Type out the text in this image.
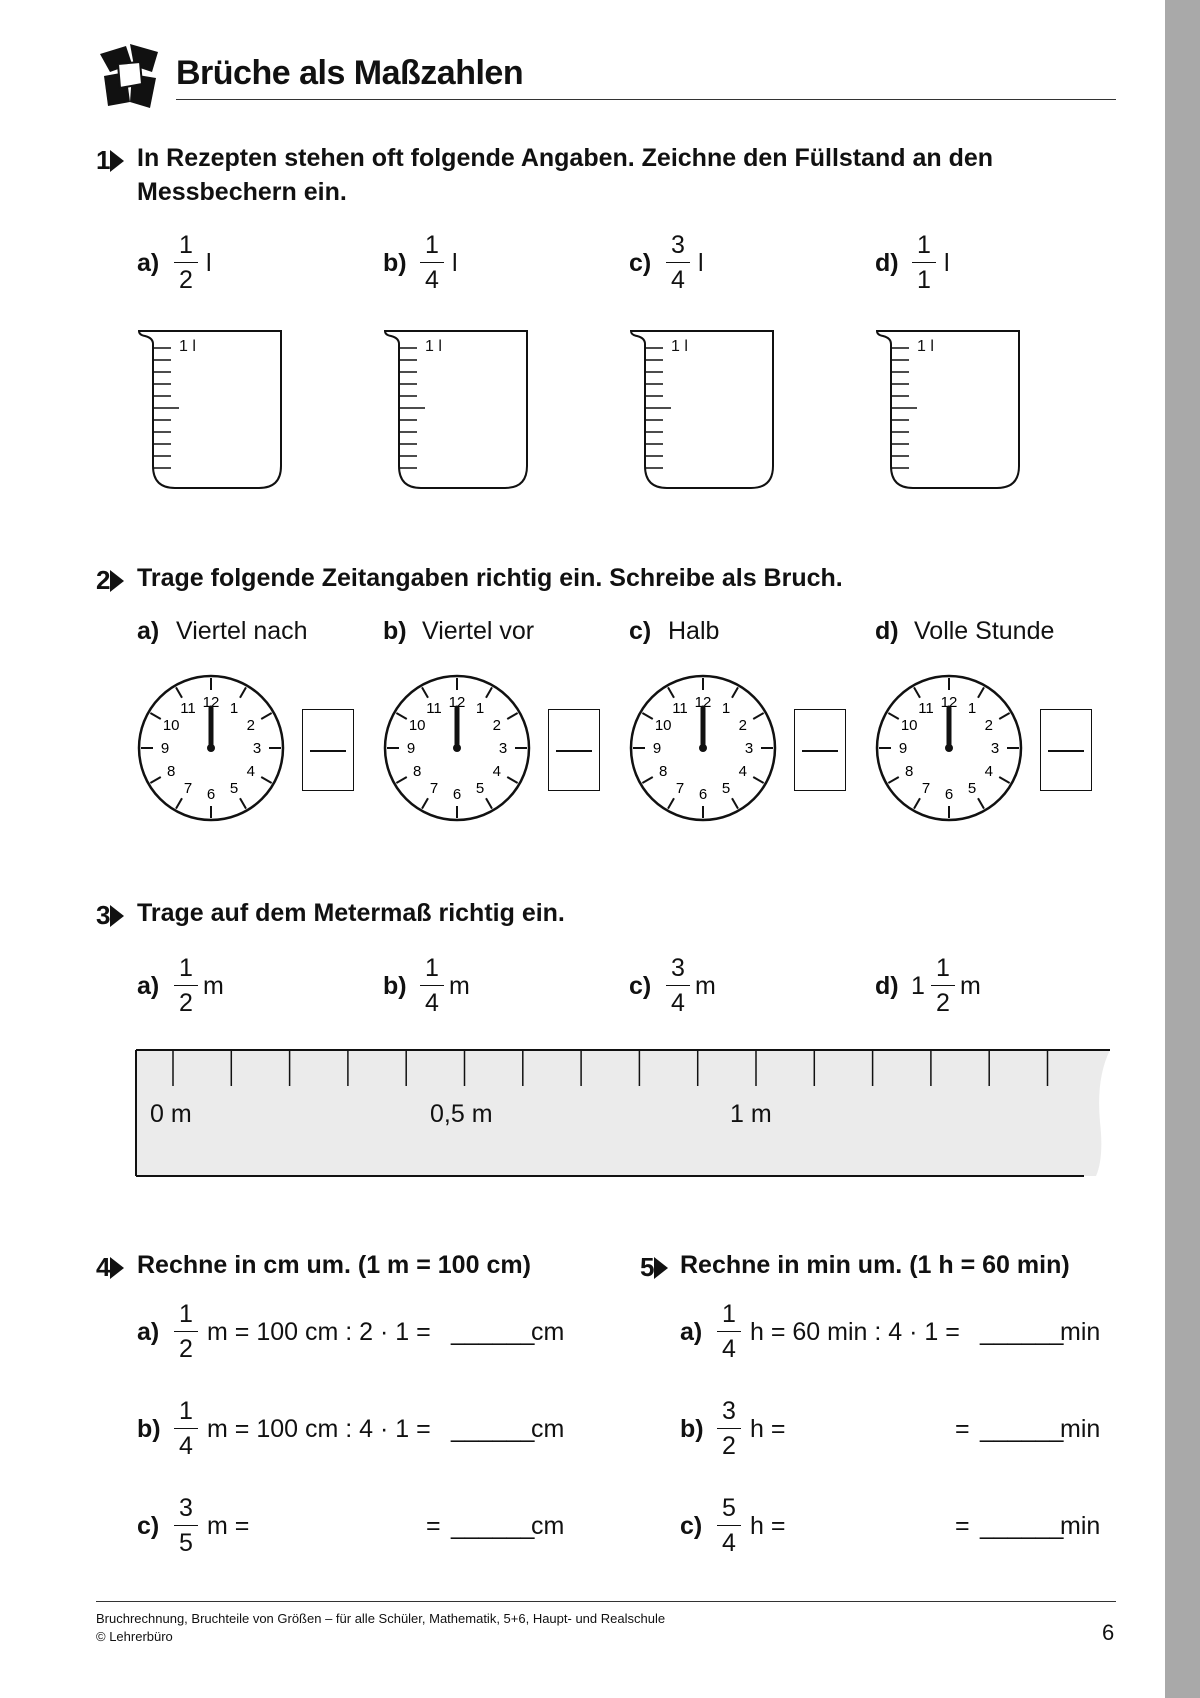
Brüche als Maßzahlen
1 In Rezepten stehen oft folgende Angaben. Zeichne den Füllstand an den
Messbechern ein.
a)
1
2
l	b)
1
4
l	c)
3
4
l	d)
1
1
l
1 l	1 l	1 l	1 l
2 Trage folgende Zeitangaben richtig ein. Schreibe als Bruch.
a) Viertel nach
12 1
2
3
4
5
6
7
8
9
10
11
b) Viertel vor
12 1
2
3
4
5
6
7
8
9
10
11
c) Halb
12 1
2
3
4
5
6
7
8
9
10
11
d) Volle Stunde
12 1
2
3
4
5
6
7
8
9
10
11
3 Trage auf dem Metermaß richtig ein.
a)
1
2
m	b)
1
4
m	c)
3
4
m	d) 1
1
2
m
0 m	0,5 m	1 m
4 Rechne in cm um. (1 m = 100 cm)
a)
1
2
m = 100 cm : 2 · 1 = ______
cm
b)
1
4
m = 100 cm : 4 · 1 = ______
cm
c)
3
5
m =	= ______
cm
5 Rechne in min um. (1 h = 60 min)
a)
1
4
h = 60 min : 4 · 1 = ______
min
b)
3
2
h =	= ______
min
c)
5
4
h =	= ______
min
Bruchrechnung, Bruchteile von Größen – für alle Schüler, Mathematik, 5+6, Haupt- und Realschule
© Lehrerbüro	6
